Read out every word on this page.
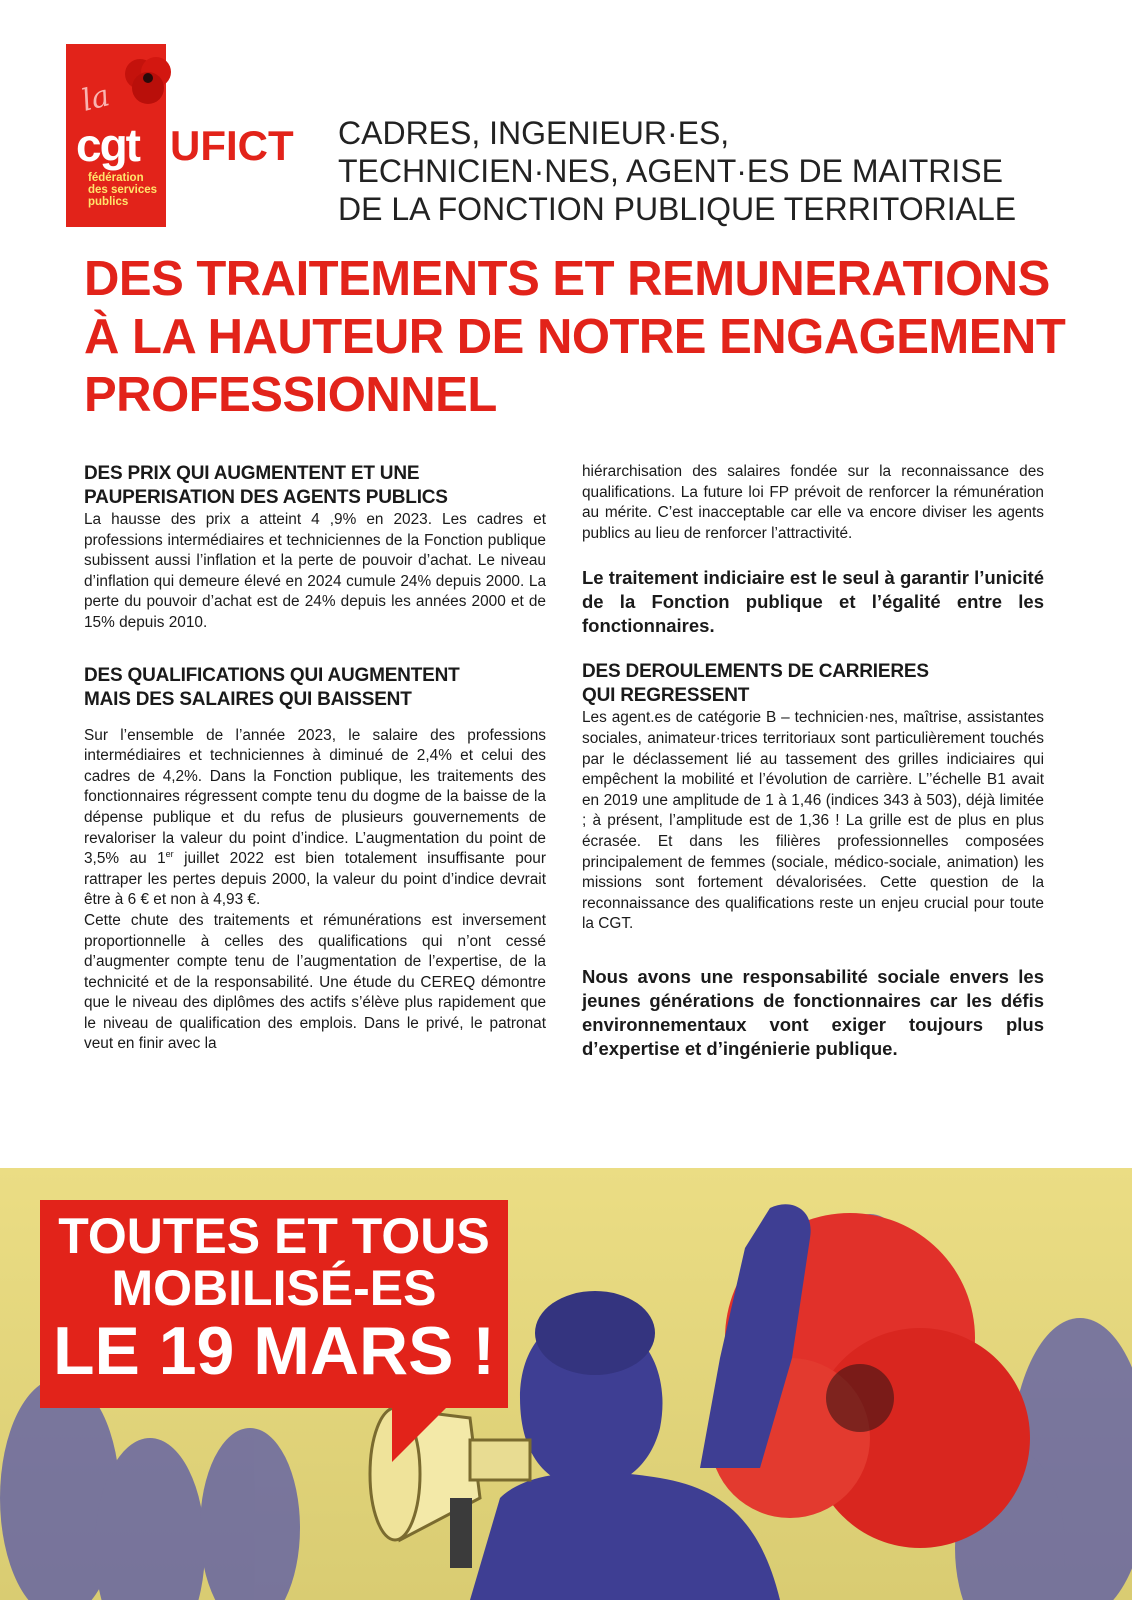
la
cgt
fédération
des services
publics
UFICT CADRES, INGENIEUR·ES,
TECHNICIEN·NES, AGENT·ES DE MAITRISE
DE LA FONCTION PUBLIQUE TERRITORIALE
DES TRAITEMENTS ET REMUNERATIONS
À LA HAUTEUR DE NOTRE ENGAGEMENT
PROFESSIONNEL
DES PRIX QUI AUGMENTENT ET UNE
PAUPERISATION DES AGENTS PUBLICS

La hausse des prix a atteint 4 ,9% en 2023. Les cadres et professions intermédiaires et techniciennes de la Fonction publique subissent aussi l’inflation et la perte de pouvoir d’achat. Le niveau d’inflation qui demeure élevé en 2024 cumule 24% depuis 2000. La perte du pouvoir d’achat est de 24% depuis les années 2000 et de 15% depuis 2010.

DES QUALIFICATIONS QUI AUGMENTENT
MAIS DES SALAIRES QUI BAISSENT

Sur l’ensemble de l’année 2023, le salaire des professions intermédiaires et techniciennes à diminué de 2,4% et celui des cadres de 4,2%. Dans la Fonction publique, les traitements des fonctionnaires régressent compte tenu du dogme de la baisse de la dépense publique et du refus de plusieurs gouvernements de revaloriser la valeur du point d’indice. L’augmentation du point de 3,5% au 1er juillet 2022 est bien totalement insuffisante pour rattraper les pertes depuis 2000, la valeur du point d’indice devrait être à 6 € et non à 4,93 €.

Cette chute des traitements et rémunérations est inversement proportionnelle à celles des qualifications qui n’ont cessé d’augmenter compte tenu de l’augmentation de l’expertise, de la technicité et de la responsabilité. Une étude du CEREQ démontre que le niveau des diplômes des actifs s’élève plus rapidement que le niveau de qualification des emplois. Dans le privé, le patronat veut en finir avec la

hiérarchisation des salaires fondée sur la reconnaissance des qualifications. La future loi FP prévoit de renforcer la rémunération au mérite. C’est inacceptable car elle va encore diviser les agents publics au lieu de renforcer l’attractivité.

Le traitement indiciaire est le seul à garantir l’unicité de la Fonction publique et l’égalité entre les fonctionnaires.

DES DEROULEMENTS DE CARRIERES
QUI REGRESSENT

Les agent.es de catégorie B – technicien·nes, maîtrise, assistantes sociales, animateur·trices territoriaux sont particulièrement touchés par le déclassement lié au tassement des grilles indiciaires qui empêchent la mobilité et l’évolution de carrière. L’’échelle B1 avait en 2019 une amplitude de 1 à 1,46 (indices 343 à 503), déjà limitée ; à présent, l’amplitude est de 1,36 ! La grille est de plus en plus écrasée. Et dans les filières professionnelles composées principalement de femmes (sociale, médico-sociale, animation) les missions sont fortement dévalorisées. Cette question de la reconnaissance des qualifications reste un enjeu crucial pour toute la CGT.

Nous avons une responsabilité sociale envers les jeunes générations de fonctionnaires car les défis environnementaux vont exiger toujours plus d’expertise et d’ingénierie publique.

TOUTES ET TOUS
MOBILISÉ-ES
LE 19 MARS !
